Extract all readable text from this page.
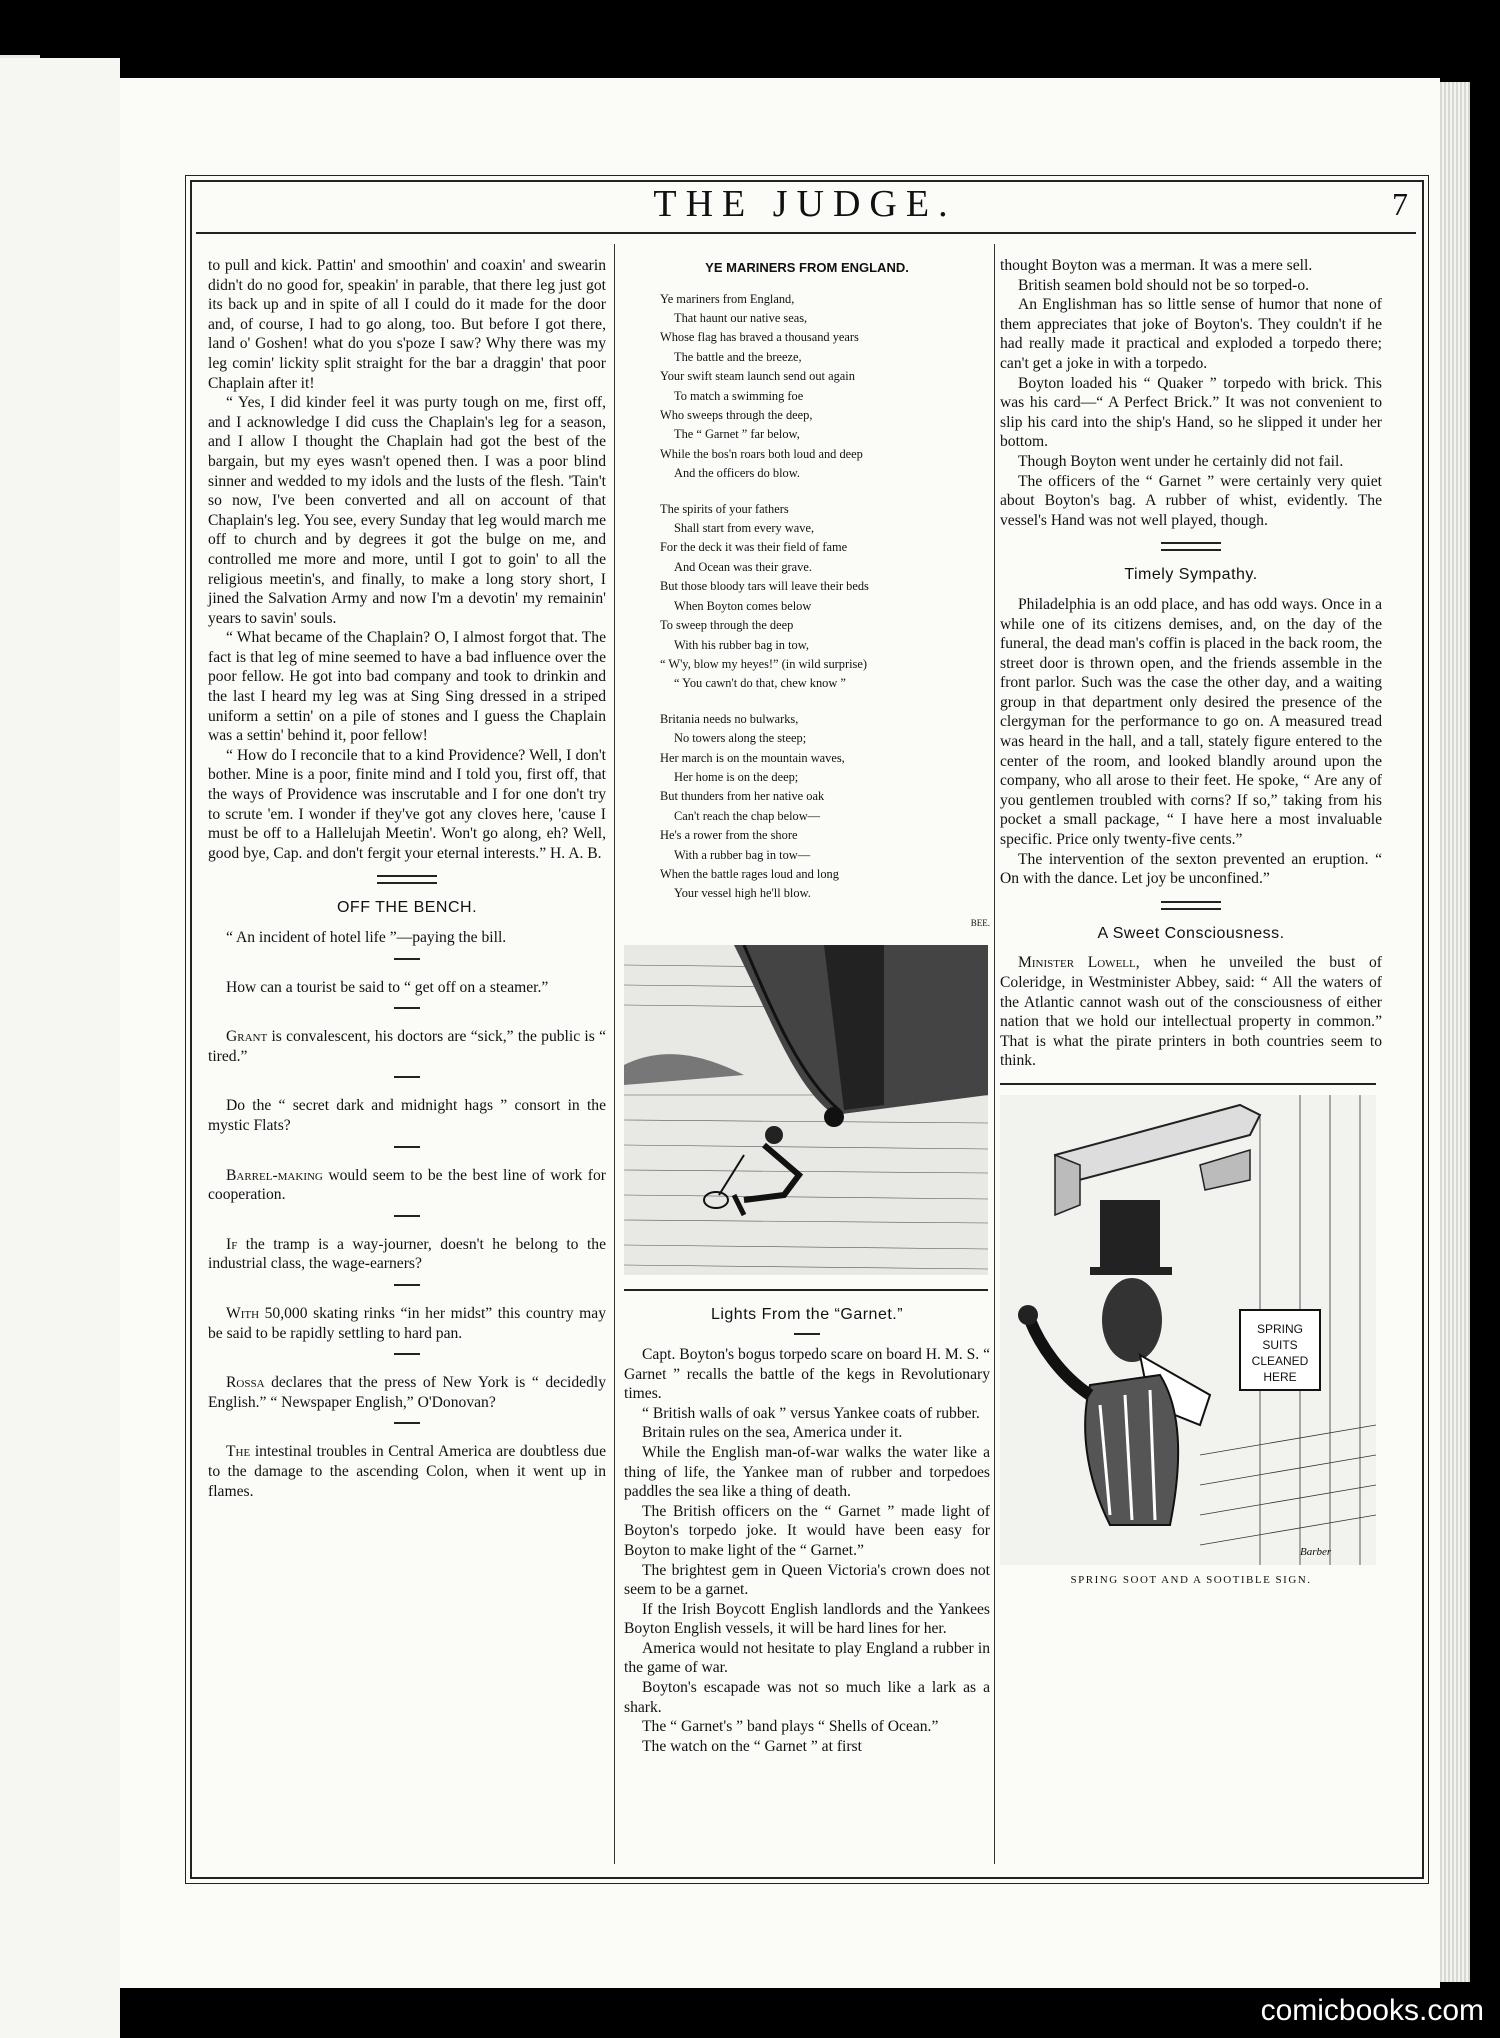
THE JUDGE.	7

to pull and kick. Pattin' and smoothin' and coaxin' and swearin didn't do no good for, speakin' in parable, that there leg just got its back up and in spite of all I could do it made for the door and, of course, I had to go along, too. But before I got there, land o' Goshen! what do you s'poze I saw? Why there was my leg comin' lickity split straight for the bar a draggin' that poor Chaplain after it!

“ Yes, I did kinder feel it was purty tough on me, first off, and I acknowledge I did cuss the Chaplain's leg for a season, and I allow I thought the Chaplain had got the best of the bargain, but my eyes wasn't opened then. I was a poor blind sinner and wedded to my idols and the lusts of the flesh. 'Tain't so now, I've been converted and all on account of that Chaplain's leg. You see, every Sunday that leg would march me off to church and by degrees it got the bulge on me, and controlled me more and more, until I got to goin' to all the religious meetin's, and finally, to make a long story short, I jined the Salvation Army and now I'm a devotin' my remainin' years to savin' souls.

“ What became of the Chaplain? O, I almost forgot that. The fact is that leg of mine seemed to have a bad influence over the poor fellow. He got into bad company and took to drinkin and the last I heard my leg was at Sing Sing dressed in a striped uniform a settin' on a pile of stones and I guess the Chaplain was a settin' behind it, poor fellow!

“ How do I reconcile that to a kind Providence? Well, I don't bother. Mine is a poor, finite mind and I told you, first off, that the ways of Providence was inscrutable and I for one don't try to scrute 'em. I wonder if they've got any cloves here, 'cause I must be off to a Hallelujah Meetin'. Won't go along, eh? Well, good bye, Cap. and don't fergit your eternal interests.” H. A. B.

OFF THE BENCH.

“ An incident of hotel life ”—paying the bill.

How can a tourist be said to “ get off on a steamer.”

Grant is convalescent, his doctors are “sick,” the public is “ tired.”

Do the “ secret dark and midnight hags ” consort in the mystic Flats?

Barrel-making would seem to be the best line of work for cooperation.

If the tramp is a way-journer, doesn't he belong to the industrial class, the wage-earners?

With 50,000 skating rinks “in her midst” this country may be said to be rapidly settling to hard pan.

Rossa declares that the press of New York is “ decidedly English.” “ Newspaper English,” O'Donovan?

The intestinal troubles in Central America are doubtless due to the damage to the ascending Colon, when it went up in flames.

YE MARINERS FROM ENGLAND.
Ye mariners from England,
That haunt our native seas,
Whose flag has braved a thousand years
The battle and the breeze,
Your swift steam launch send out again
To match a swimming foe
Who sweeps through the deep,
The “ Garnet ” far below,
While the bos'n roars both loud and deep
And the officers do blow.
The spirits of your fathers
Shall start from every wave,
For the deck it was their field of fame
And Ocean was their grave.
But those bloody tars will leave their beds
When Boyton comes below
To sweep through the deep
With his rubber bag in tow,
“ W'y, blow my heyes!” (in wild surprise)
“ You cawn't do that, chew know ”
Britania needs no bulwarks,
No towers along the steep;
Her march is on the mountain waves,
Her home is on the deep;
But thunders from her native oak
Can't reach the chap below—
He's a rower from the shore
With a rubber bag in tow—
When the battle rages loud and long
Your vessel high he'll blow.
BEE.
Lights From the “Garnet.”

Capt. Boyton's bogus torpedo scare on board H. M. S. “ Garnet ” recalls the battle of the kegs in Revolutionary times.

“ British walls of oak ” versus Yankee coats of rubber.

Britain rules on the sea, America under it.

While the English man-of-war walks the water like a thing of life, the Yankee man of rubber and torpedoes paddles the sea like a thing of death.

The British officers on the “ Garnet ” made light of Boyton's torpedo joke. It would have been easy for Boyton to make light of the “ Garnet.”

The brightest gem in Queen Victoria's crown does not seem to be a garnet.

If the Irish Boycott English landlords and the Yankees Boyton English vessels, it will be hard lines for her.

America would not hesitate to play England a rubber in the game of war.

Boyton's escapade was not so much like a lark as a shark.

The “ Garnet's ” band plays “ Shells of Ocean.”

The watch on the “ Garnet ” at first

thought Boyton was a merman. It was a mere sell.

British seamen bold should not be so torped-o.

An Englishman has so little sense of humor that none of them appreciates that joke of Boyton's. They couldn't if he had really made it practical and exploded a torpedo there; can't get a joke in with a torpedo.

Boyton loaded his “ Quaker ” torpedo with brick. This was his card—“ A Perfect Brick.” It was not convenient to slip his card into the ship's Hand, so he slipped it under her bottom.

Though Boyton went under he certainly did not fail.

The officers of the “ Garnet ” were certainly very quiet about Boyton's bag. A rubber of whist, evidently. The vessel's Hand was not well played, though.

Timely Sympathy.

Philadelphia is an odd place, and has odd ways. Once in a while one of its citizens demises, and, on the day of the funeral, the dead man's coffin is placed in the back room, the street door is thrown open, and the friends assemble in the front parlor. Such was the case the other day, and a waiting group in that department only desired the presence of the clergyman for the performance to go on. A measured tread was heard in the hall, and a tall, stately figure entered to the center of the room, and looked blandly around upon the company, who all arose to their feet. He spoke, “ Are any of you gentlemen troubled with corns? If so,” taking from his pocket a small package, “ I have here a most invaluable specific. Price only twenty-five cents.”

The intervention of the sexton prevented an eruption. “ On with the dance. Let joy be unconfined.”

A Sweet Consciousness.

Minister Lowell, when he unveiled the bust of Coleridge, in Westminister Abbey, said: “ All the waters of the Atlantic cannot wash out of the consciousness of either nation that we hold our intellectual property in common.” That is what the pirate printers in both countries seem to think.

SPRING SUITS CLEANED HERE
Barber
SPRING SOOT AND A SOOTIBLE SIGN.
comicbooks.com
